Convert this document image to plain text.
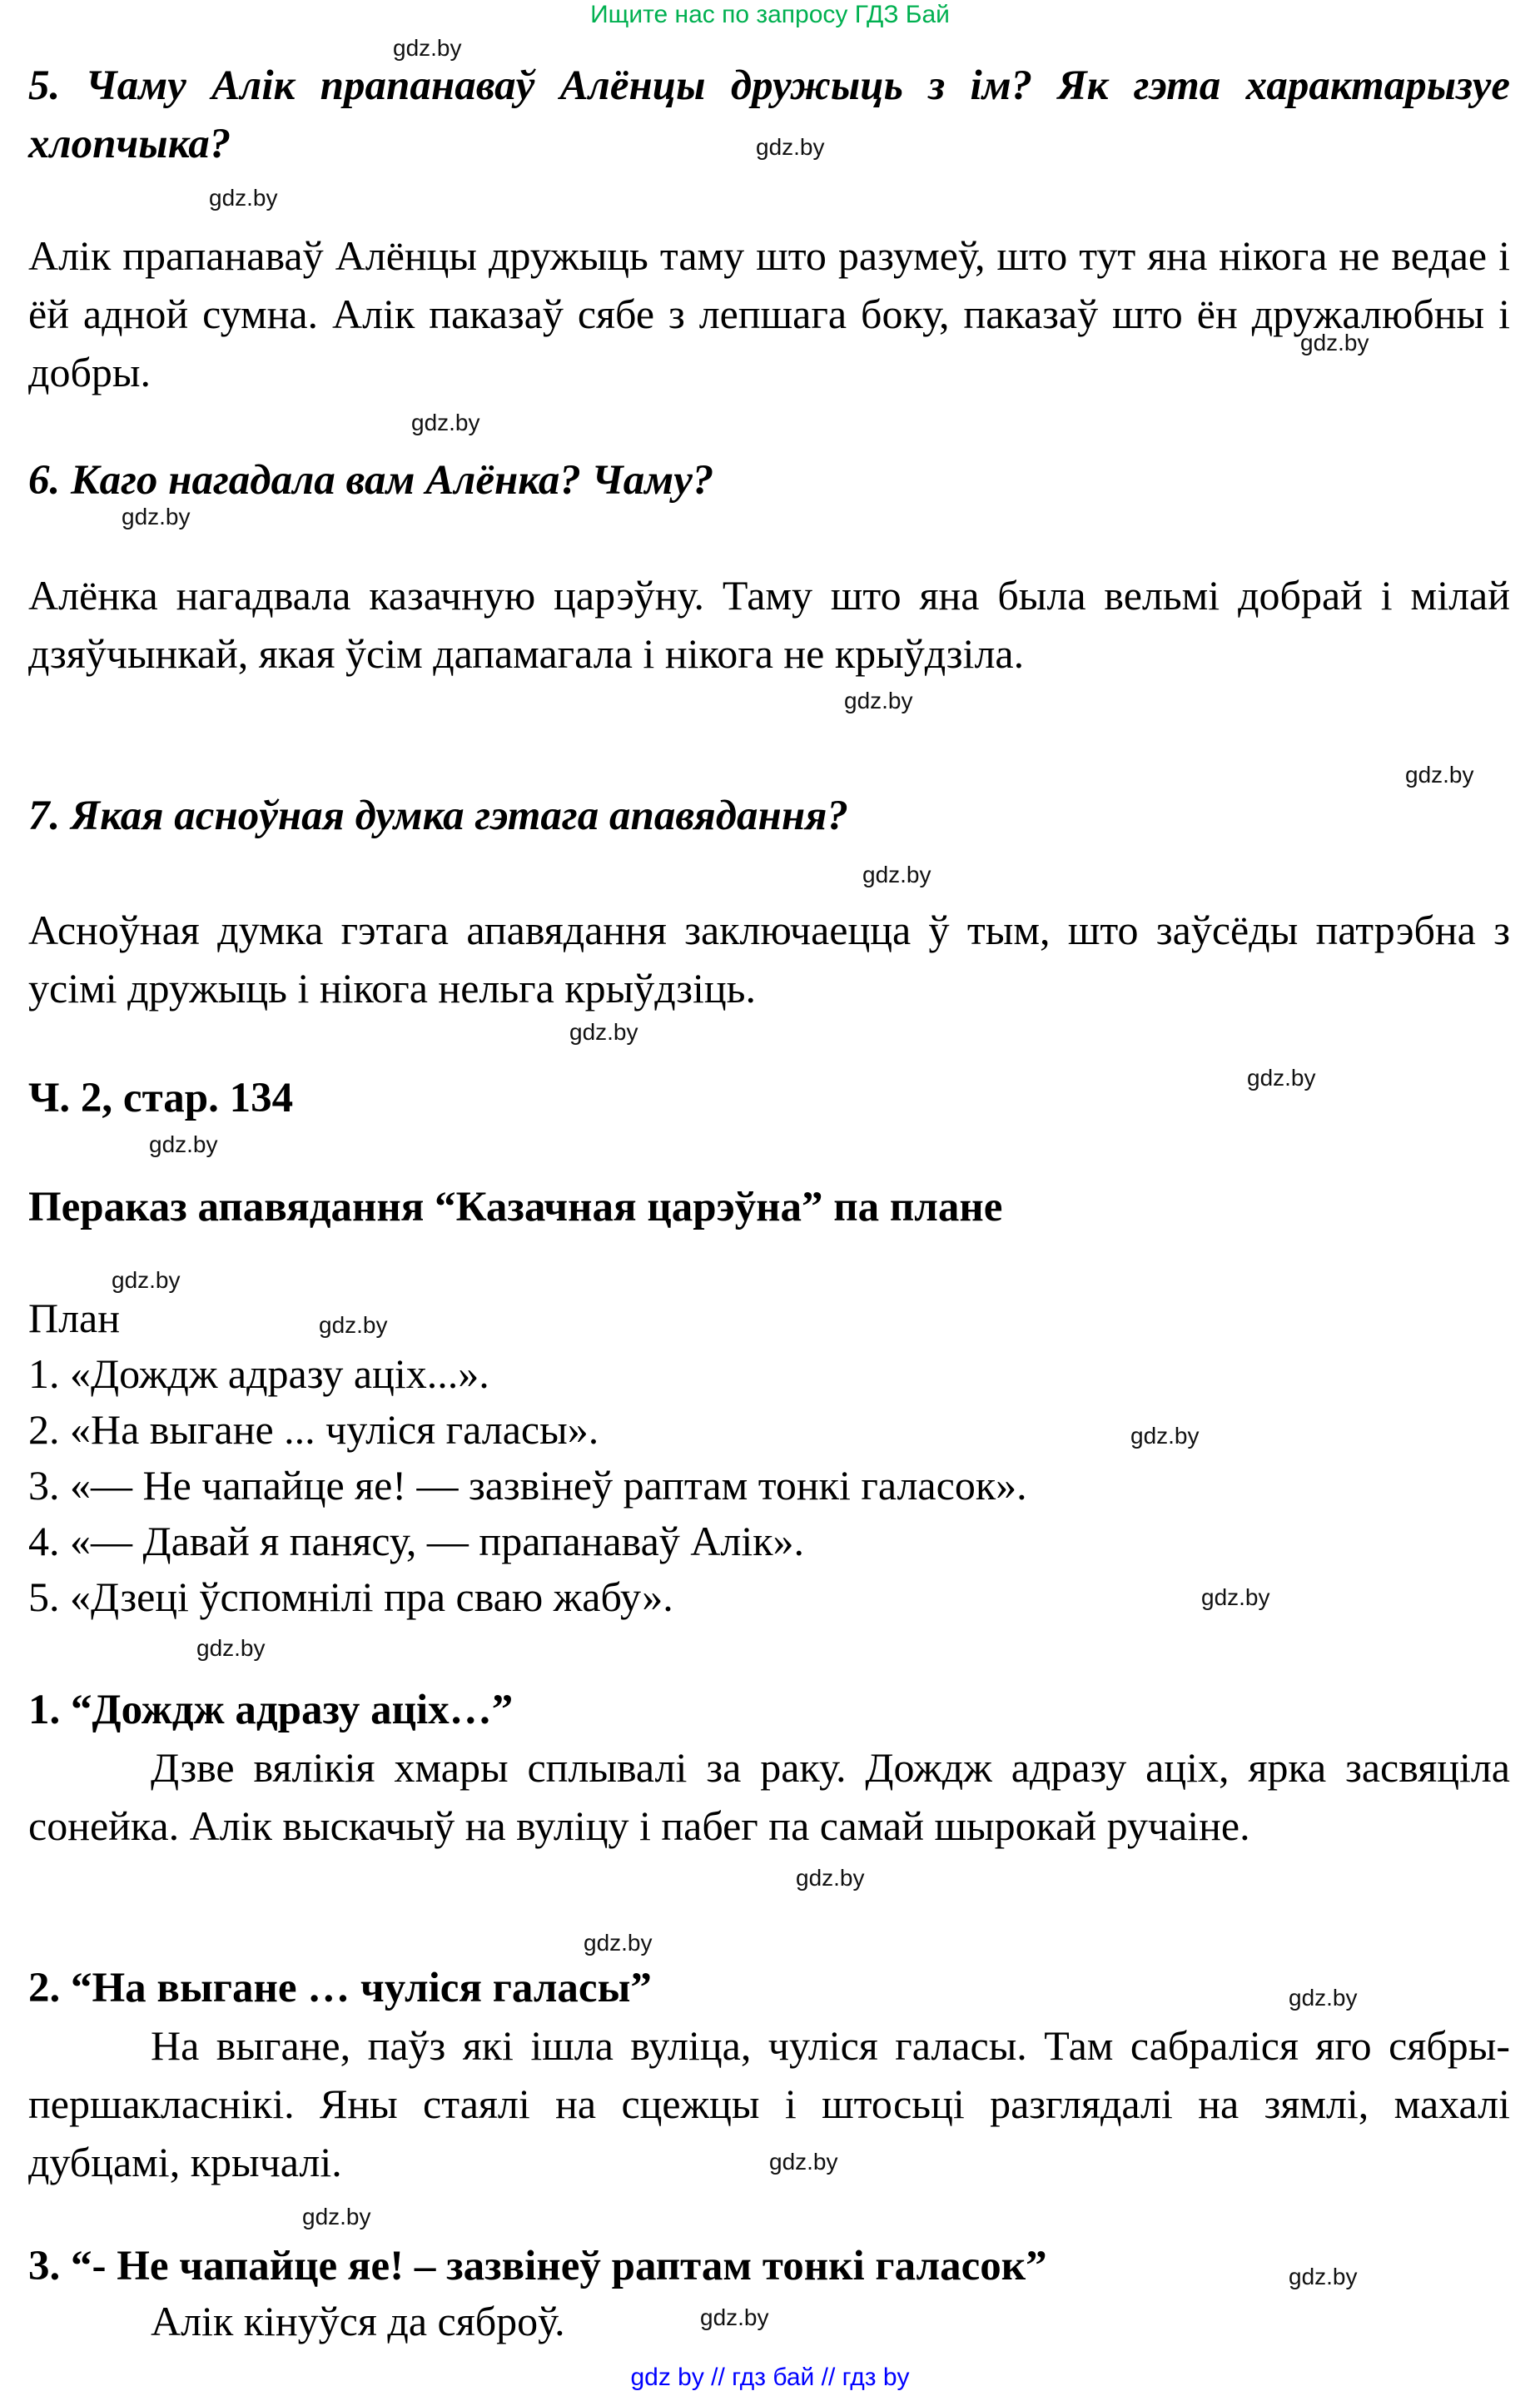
Ищите нас по запросу ГДЗ Бай

5. Чаму Алік прапанаваў Алёнцы дружыць з ім? Як гэта характарызуе хлопчыка?

Алік прапанаваў Алёнцы дружыць таму што разумеў, што тут яна нікога не ведае і ёй адной сумна. Алік паказаў сябе з лепшага боку, паказаў што ён дружалюбны і добры.

6. Каго нагадала вам Алёнка? Чаму?

Алёнка нагадвала казачную царэўну. Таму што яна была вельмі добрай і мілай дзяўчынкай, якая ўсім дапамагала і нікога не крыўдзіла.

7. Якая асноўная думка гэтага апавядання?

Асноўная думка гэтага апавядання заключаецца ў тым, што заўсёды патрэбна з усімі дружыць і нікога нельга крыўдзіць.

Ч. 2, стар. 134
Пераказ апавядання “Казачная царэўна” па плане
План
1. «Дождж адразу аціх...».
2. «На выгане ... чуліся галасы».
3. «— Не чапайце яе! — зазвінеў раптам тонкі галасок».
4. «— Давай я панясу, — прапанаваў Алік».
5. «Дзеці ўспомнілі пра сваю жабу».
1. “Дождж адразу аціх…”

Дзве вялікія хмары сплывалі за раку. Дождж адразу аціх, ярка засвяціла сонейка. Алік выскачыў на вуліцу і пабег па самай шырокай ручаіне.

2. “На выгане … чуліся галасы”

На выгане, паўз які ішла вуліца, чуліся галасы. Там сабраліся яго сябры-першакласнікі. Яны стаялі на сцежцы і штосьці разглядалі на зямлі, махалі дубцамі, крычалі.

3. “- Не чапайце яе! – зазвінеў раптам тонкі галасок”

Алік кінуўся да сяброў.

gdz.by
gdz.by
gdz.by
gdz.by
gdz.by
gdz.by
gdz.by
gdz.by
gdz.by
gdz.by
gdz.by
gdz.by
gdz.by
gdz.by
gdz.by
gdz.by
gdz.by
gdz.by
gdz.by
gdz.by
gdz.by
gdz.by
gdz.by
gdz.by
gdz by // гдз бай // гдз by
